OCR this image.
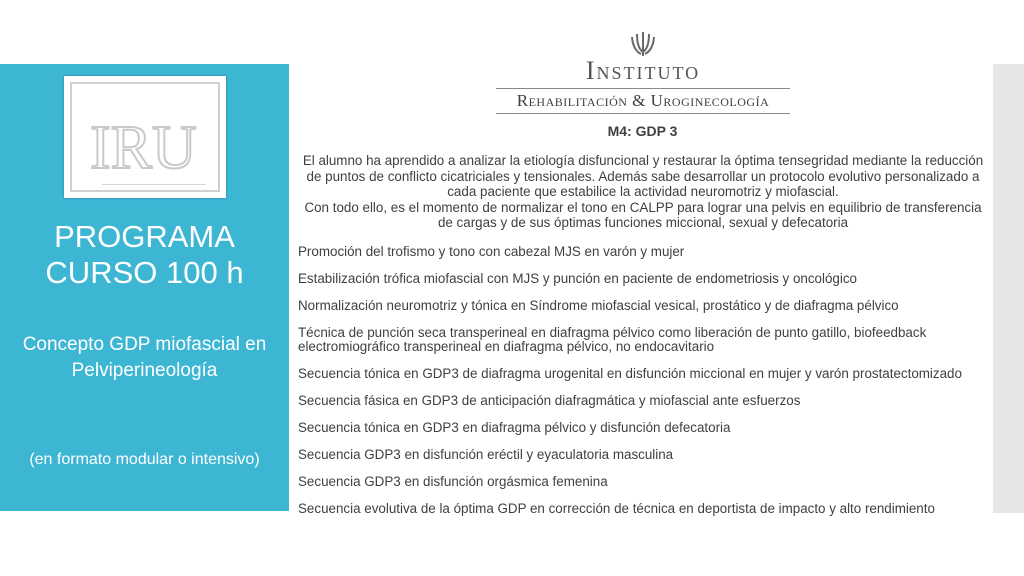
IRU
PROGRAMA
CURSO 100 h
Concepto GDP miofascial en Pelviperineología
(en formato modular o intensivo)
Instituto
Rehabilitación & Uroginecología
M4: GDP 3
El alumno ha aprendido a analizar la etiología disfuncional y restaurar la óptima tensegridad mediante la reducción de puntos de conflicto cicatriciales y tensionales. Además sabe desarrollar un protocolo evolutivo personalizado a cada paciente que estabilice la actividad neuromotriz y miofascial.
Con todo ello, es el momento de normalizar el tono en CALPP para lograr una pelvis en equilibrio de transferencia de cargas y de sus óptimas funciones miccional, sexual y defecatoria
Promoción del trofismo y tono con cabezal MJS en varón y mujer
Estabilización trófica miofascial con MJS y punción en paciente de endometriosis y oncológico
Normalización neuromotriz y tónica en Síndrome miofascial vesical, prostático y de diafragma pélvico
Técnica de punción seca transperineal en diafragma pélvico como liberación de punto gatillo, biofeedback electromiográfico transperineal en diafragma pélvico, no endocavitario
Secuencia tónica en GDP3 de diafragma urogenital en disfunción miccional en mujer y varón prostatectomizado
Secuencia fásica en GDP3 de anticipación diafragmática y miofascial ante esfuerzos
Secuencia tónica en GDP3 en diafragma pélvico y disfunción defecatoria
Secuencia GDP3 en disfunción eréctil y eyaculatoria masculina
Secuencia GDP3 en disfunción orgásmica femenina
Secuencia evolutiva de la óptima GDP en corrección de técnica en deportista de impacto y alto rendimiento
